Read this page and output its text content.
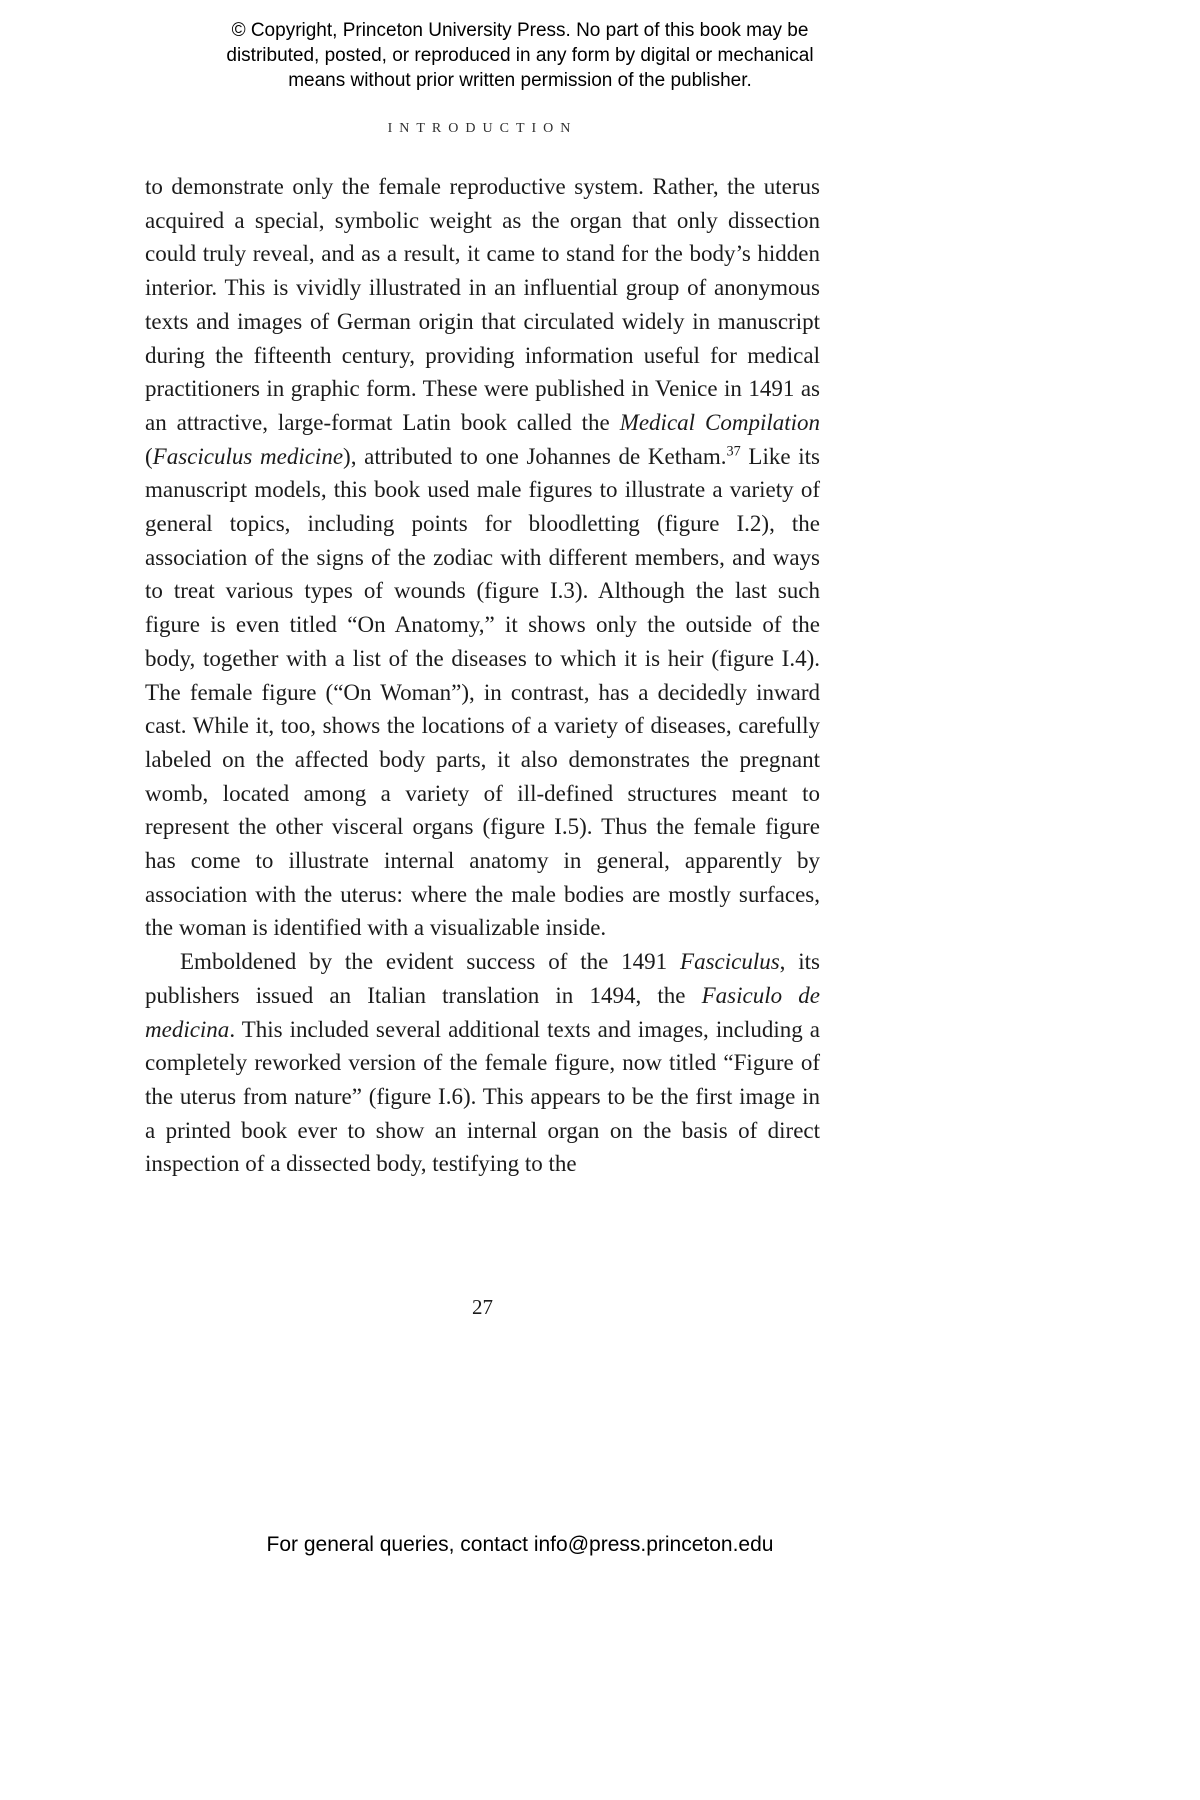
© Copyright, Princeton University Press. No part of this book may be
distributed, posted, or reproduced in any form by digital or mechanical
means without prior written permission of the publisher.
INTRODUCTION

to demonstrate only the female reproductive system. Rather, the uterus acquired a special, symbolic weight as the organ that only dissection could truly reveal, and as a result, it came to stand for the body’s hidden interior. This is vividly illustrated in an influential group of anonymous texts and images of German origin that circulated widely in manuscript during the fifteenth century, providing information useful for medical practitioners in graphic form. These were published in Venice in 1491 as an attractive, large-format Latin book called the Medical Compilation (Fasciculus medicine), attributed to one Johannes de Ketham.$^{37}$ Like its manuscript models, this book used male figures to illustrate a variety of general topics, including points for bloodletting (figure I.2), the association of the signs of the zodiac with different members, and ways to treat various types of wounds (figure I.3). Although the last such figure is even titled “On Anatomy,” it shows only the outside of the body, together with a list of the diseases to which it is heir (figure I.4). The female figure (“On Woman”), in contrast, has a decidedly inward cast. While it, too, shows the locations of a variety of diseases, carefully labeled on the affected body parts, it also demonstrates the pregnant womb, located among a variety of ill-defined structures meant to represent the other visceral organs (figure I.5). Thus the female figure has come to illustrate internal anatomy in general, apparently by association with the uterus: where the male bodies are mostly surfaces, the woman is identified with a visualizable inside.

Emboldened by the evident success of the 1491 Fasciculus, its publishers issued an Italian translation in 1494, the Fasiculo de medicina. This included several additional texts and images, including a completely reworked version of the female figure, now titled “Figure of the uterus from nature” (figure I.6). This appears to be the first image in a printed book ever to show an internal organ on the basis of direct inspection of a dissected body, testifying to the

27
For general queries, contact info@press.princeton.edu
